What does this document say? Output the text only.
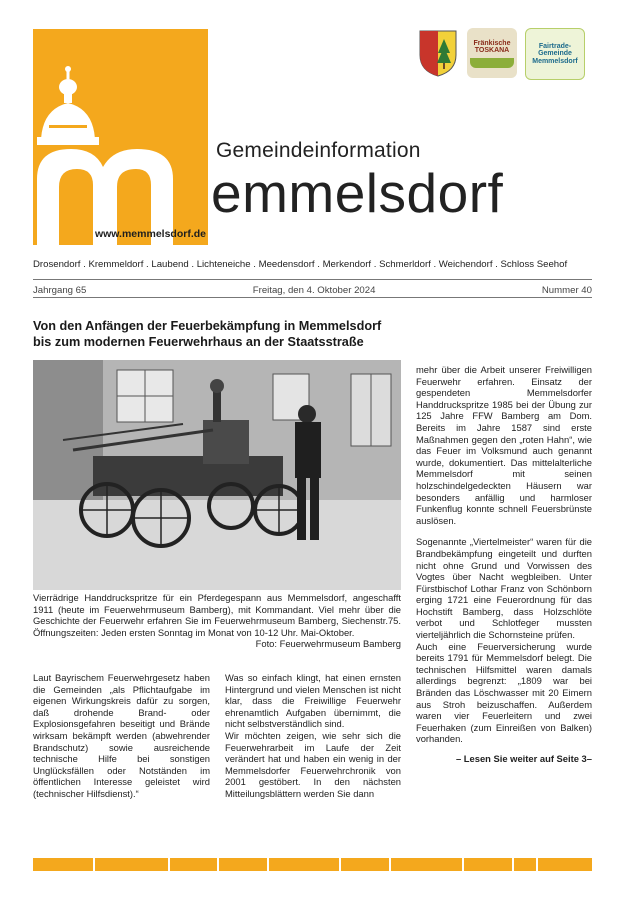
www.memmelsdorf.de
Gemeindeinformation
emmelsdorf
Fränkische TOSKANA
Fairtrade-Gemeinde Memmelsdorf
Drosendorf . Kremmeldorf . Laubend . Lichteneiche . Meedensdorf . Merkendorf . Schmerldorf . Weichendorf . Schloss Seehof
Jahrgang 65	Freitag, den 4. Oktober 2024	Nummer 40
Von den Anfängen der Feuerbekämpfung in Memmelsdorf bis zum modernen Feuerwehrhaus an der Staatsstraße
Vierrädrige Handdruckspritze für ein Pferdegespann aus Memmelsdorf, angeschafft 1911 (heute im Feuerwehrmuseum Bamberg), mit Kommandant. Viel mehr über die Geschichte der Feuerwehr erfahren Sie im Feuerwehrmuseum Bamberg, Siechenstr.75. Öffnungszeiten: Jeden ersten Sonntag im Monat von 10-12 Uhr. Mai-Oktober.
Foto: Feuerwehrmuseum Bamberg

Laut Bayrischem Feuerwehrgesetz haben die Gemeinden „als Pflichtaufgabe im eigenen Wirkungskreis dafür zu sorgen, daß drohende Brand- oder Explosionsgefahren beseitigt und Brände wirksam bekämpft werden (abwehrender Brandschutz) sowie ausreichende technische Hilfe bei sonstigen Unglücksfällen oder Notständen im öffentlichen Interesse geleistet wird (technischer Hilfsdienst).“

Was so einfach klingt, hat einen ernsten Hintergrund und vielen Menschen ist nicht klar, dass die Freiwillige Feuerwehr ehrenamtlich Aufgaben übernimmt, die nicht selbstverständlich sind.

Wir möchten zeigen, wie sehr sich die Feuerwehrarbeit im Laufe der Zeit verändert hat und haben ein wenig in der Memmelsdorfer Feuerwehrchronik von 2001 gestöbert. In den nächsten Mitteilungsblättern werden Sie dann

mehr über die Arbeit unserer Freiwilligen Feuerwehr erfahren. Einsatz der gespendeten Memmelsdorfer Handdruckspritze 1985 bei der Übung zur 125 Jahre FFW Bamberg am Dom. Bereits im Jahre 1587 sind erste Maßnahmen gegen den „roten Hahn“, wie das Feuer im Volksmund auch genannt wurde, dokumentiert. Das mittelalterliche Memmelsdorf mit seinen holzschindelgedeckten Häusern war besonders anfällig und harmloser Funkenflug konnte schnell Feuersbrünste auslösen.

Sogenannte „Viertelmeister“ waren für die Brandbekämpfung eingeteilt und durften nicht ohne Grund und Vorwissen des Vogtes über Nacht wegbleiben. Unter Fürstbischof Lothar Franz von Schönborn erging 1721 eine Feuerordnung für das Hochstift Bamberg, dass Holzschlöte verbot und Schlotfeger mussten vierteljährlich die Schornsteine prüfen.

Auch eine Feuerversicherung wurde bereits 1791 für Memmelsdorf belegt. Die technischen Hilfsmittel waren damals allerdings begrenzt: „1809 war bei Bränden das Löschwasser mit 20 Eimern aus Stroh beizuschaffen. Außerdem waren vier Feuerleitern und zwei Feuerhaken (zum Einreißen von Balken) vorhanden.

– Lesen Sie weiter auf Seite 3–
